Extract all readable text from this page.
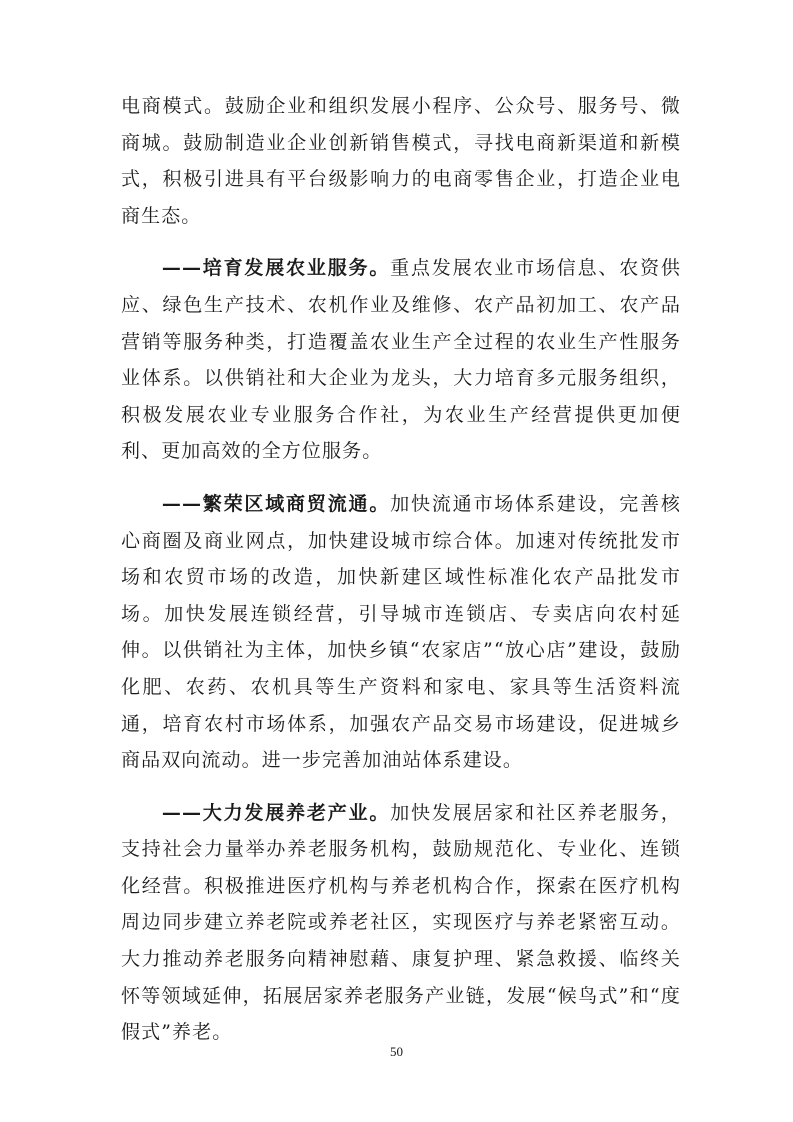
电商模式。鼓励企业和组织发展小程序、公众号、服务号、微商城。鼓励制造业企业创新销售模式，寻找电商新渠道和新模式，积极引进具有平台级影响力的电商零售企业，打造企业电商生态。

——培育发展农业服务。重点发展农业市场信息、农资供应、绿色生产技术、农机作业及维修、农产品初加工、农产品营销等服务种类，打造覆盖农业生产全过程的农业生产性服务业体系。以供销社和大企业为龙头，大力培育多元服务组织，积极发展农业专业服务合作社，为农业生产经营提供更加便利、更加高效的全方位服务。

——繁荣区域商贸流通。加快流通市场体系建设，完善核心商圈及商业网点，加快建设城市综合体。加速对传统批发市场和农贸市场的改造，加快新建区域性标准化农产品批发市场。加快发展连锁经营，引导城市连锁店、专卖店向农村延伸。以供销社为主体，加快乡镇“农家店”“放心店”建设，鼓励化肥、农药、农机具等生产资料和家电、家具等生活资料流通，培育农村市场体系，加强农产品交易市场建设，促进城乡商品双向流动。进一步完善加油站体系建设。

——大力发展养老产业。加快发展居家和社区养老服务，支持社会力量举办养老服务机构，鼓励规范化、专业化、连锁化经营。积极推进医疗机构与养老机构合作，探索在医疗机构周边同步建立养老院或养老社区，实现医疗与养老紧密互动。大力推动养老服务向精神慰藉、康复护理、紧急救援、临终关怀等领域延伸，拓展居家养老服务产业链，发展“候鸟式”和“度假式”养老。

50
